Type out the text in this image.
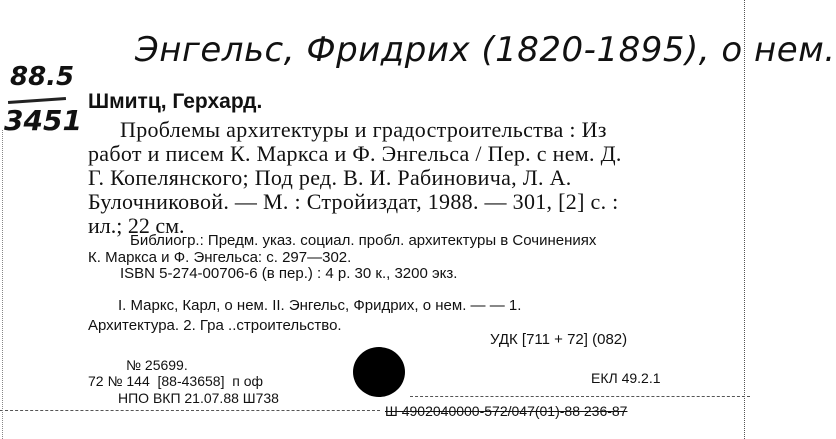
Энгельс, Фридрих (1820-1895), о нем.
88.5
3451
Шмитц, Герхард.
Проблемы архитектуры и градостроительства : Из
работ и писем К. Маркса и Ф. Энгельса / Пер. с нем. Д.
Г. Копелянского; Под ред. В. И. Рабиновича, Л. А.
Булочниковой. — М. : Стройиздат, 1988. — 301, [2] с. :
ил.; 22 см.
Библиогр.: Предм. указ. социал. пробл. архитектуры в Сочинениях
К. Маркса и Ф. Энгельса: с. 297—302.
ISBN 5-274-00706-6 (в пер.) : 4 р. 30 к., 3200 экз.
I. Маркс, Карл, о нем. II. Энгельс, Фридрих, о нем. — — 1.
Архитектура. 2. Гра ..строительство.
УДК [711 + 72] (082)
№ 25699.
72 № 144  [88-43658]  п оф
НПО ВКП 21.07.88 Ш738
ЕКЛ 49.2.1
Ш 4902040000-572/047(01)-88 236-87
